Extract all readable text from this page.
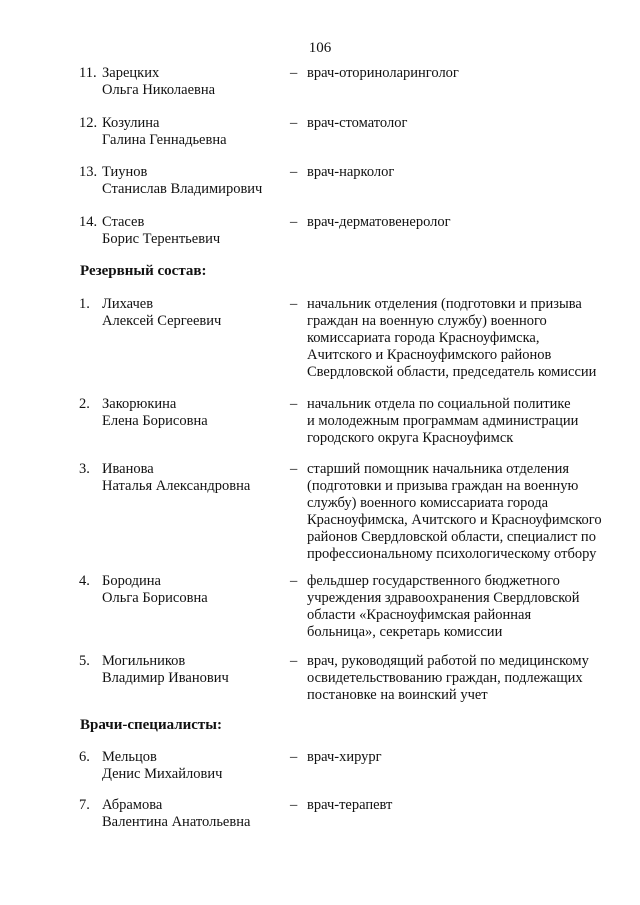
106
11. Зарецких
Ольга Николаевна
– врач-оториноларинголог
12. Козулина
Галина Геннадьевна
– врач-стоматолог
13. Тиунов
Станислав Владимирович
– врач-нарколог
14. Стасев
Борис Терентьевич
– врач-дерматовенеролог
Резервный состав:
1. Лихачев
Алексей Сергеевич
– начальник отделения (подготовки и призыва
граждан на военную службу) военного
комиссариата города Красноуфимска,
Ачитского и Красноуфимского районов
Свердловской области, председатель комиссии
2. Закорюкина
Елена Борисовна
– начальник отдела по социальной политике
и молодежным программам администрации
городского округа Красноуфимск
3. Иванова
Наталья Александровна
– старший помощник начальника отделения
(подготовки и призыва граждан на военную
службу) военного комиссариата города
Красноуфимска, Ачитского и Красноуфимского
районов Свердловской области, специалист по
профессиональному психологическому отбору
4. Бородина
Ольга Борисовна
– фельдшер государственного бюджетного
учреждения здравоохранения Свердловской
области «Красноуфимская районная
больница», секретарь комиссии
5. Могильников
Владимир Иванович
– врач, руководящий работой по медицинскому
освидетельствованию граждан, подлежащих
постановке на воинский учет
Врачи-специалисты:
6. Мельцов
Денис Михайлович
– врач-хирург
7. Абрамова
Валентина Анатольевна
– врач-терапевт
